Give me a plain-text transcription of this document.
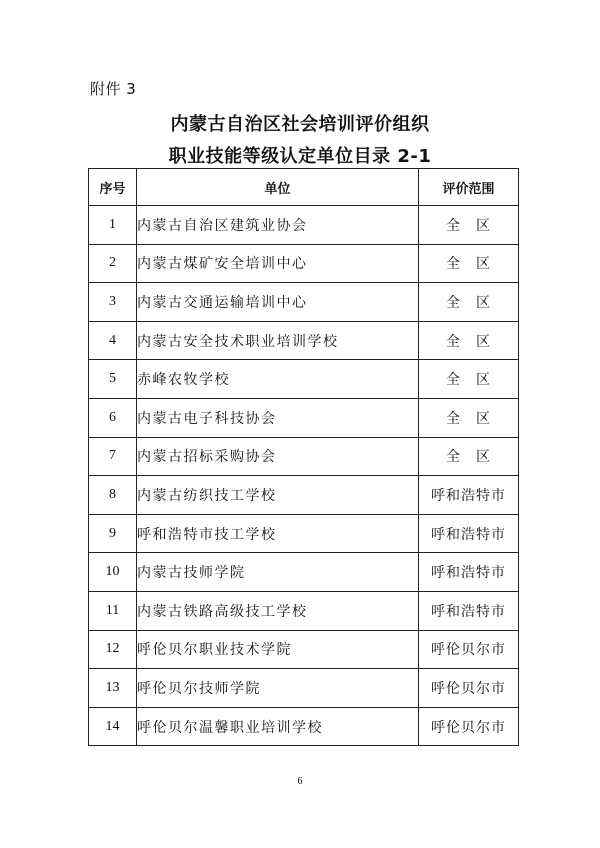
附件 3
内蒙古自治区社会培训评价组织
职业技能等级认定单位目录 2-1
序号	单位	评价范围
1	内蒙古自治区建筑业协会	全　区
2	内蒙古煤矿安全培训中心	全　区
3	内蒙古交通运输培训中心	全　区
4	内蒙古安全技术职业培训学校	全　区
5	赤峰农牧学校	全　区
6	内蒙古电子科技协会	全　区
7	内蒙古招标采购协会	全　区
8	内蒙古纺织技工学校	呼和浩特市
9	呼和浩特市技工学校	呼和浩特市
10	内蒙古技师学院	呼和浩特市
11	内蒙古铁路高级技工学校	呼和浩特市
12	呼伦贝尔职业技术学院	呼伦贝尔市
13	呼伦贝尔技师学院	呼伦贝尔市
14	呼伦贝尔温馨职业培训学校	呼伦贝尔市
6
